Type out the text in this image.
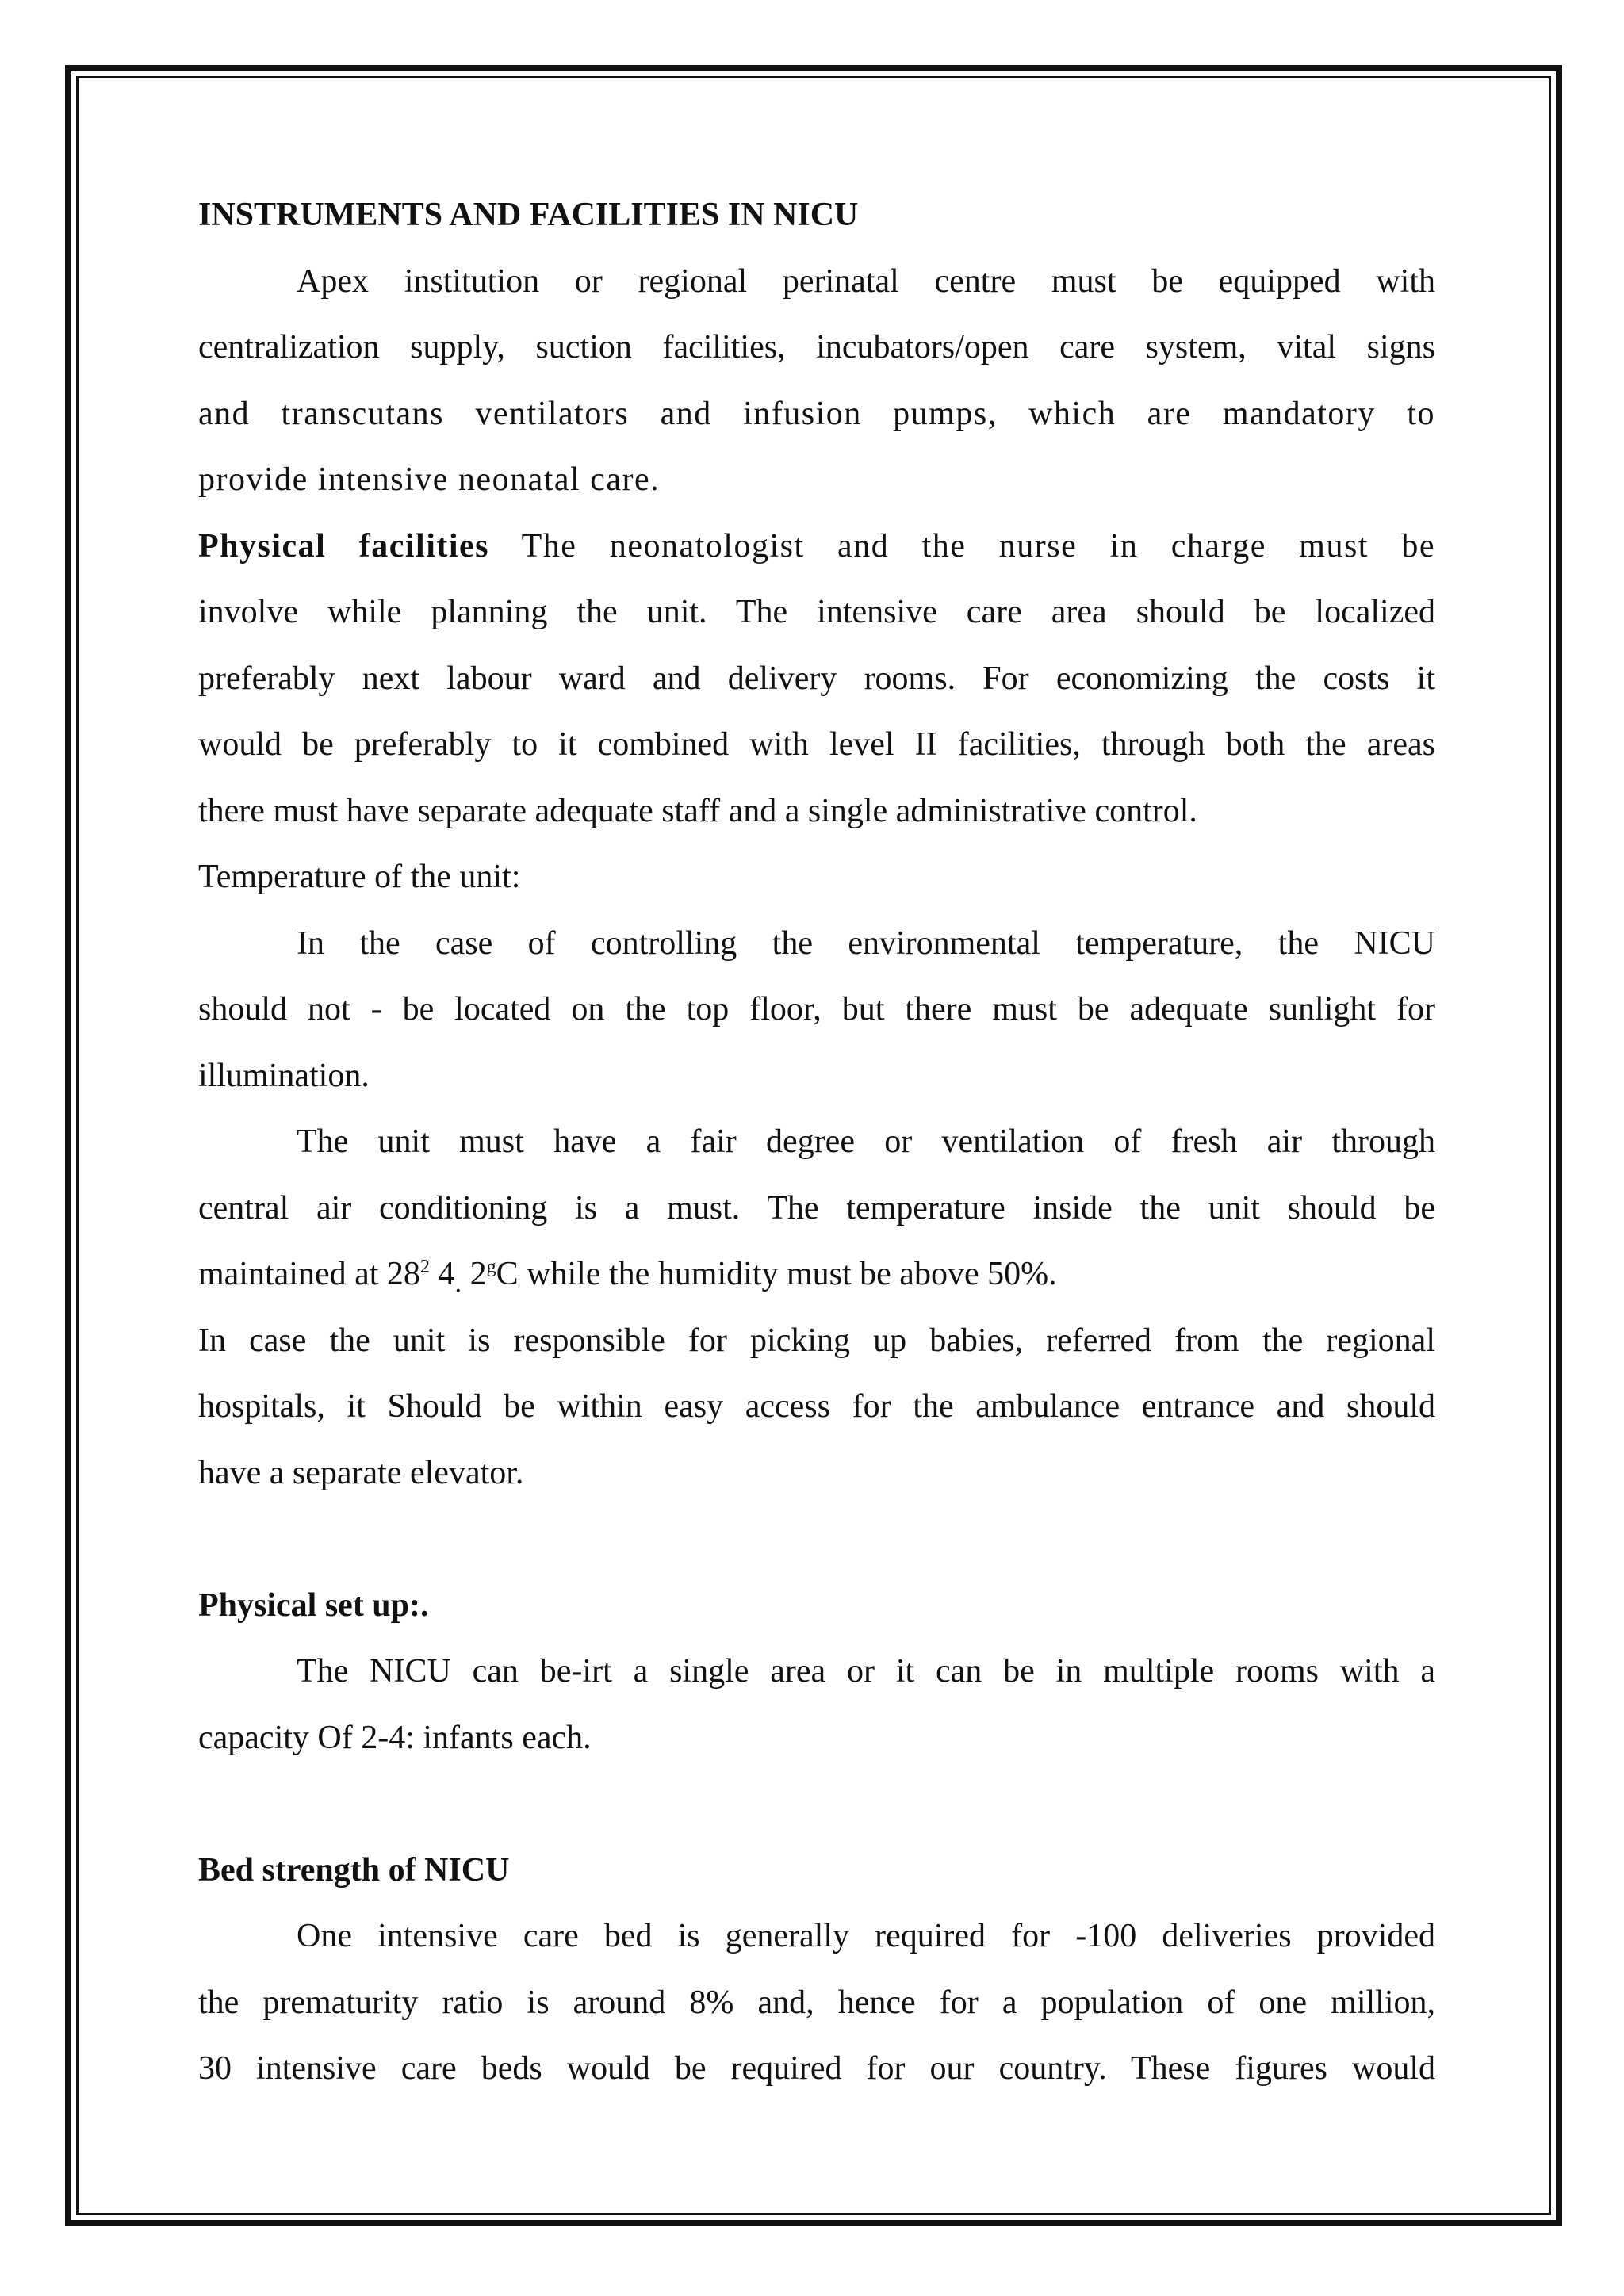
INSTRUMENTS AND FACILITIES IN NICU
Apex institution or regional perinatal centre must be equipped with
centralization supply, suction facilities, incubators/open care system, vital signs
and transcutans ventilators and infusion pumps, which are mandatory to
provide intensive neonatal care.
Physical facilities The neonatologist and the nurse in charge must be
involve while planning the unit. The intensive care area should be localized
preferably next labour ward and delivery rooms. For economizing the costs it
would be preferably to it combined with level II facilities, through both the areas
there must have separate adequate staff and a single administrative control.
Temperature of the unit:
In the case of controlling the environmental temperature, the NICU
should not - be located on the top floor, but there must be adequate sunlight for
illumination.
The unit must have a fair degree or ventilation of fresh air through
central air conditioning is a must. The temperature inside the unit should be
maintained at $28^2$ $4_.$ 2$^g$C while the humidity must be above 50%.
In case the unit is responsible for picking up babies, referred from the regional
hospitals, it Should be within easy access for the ambulance entrance and should
have a separate elevator.
Physical set up:.
The NICU can be-irt a single area or it can be in multiple rooms with a
capacity Of 2-4: infants each.
Bed strength of NICU
One intensive care bed is generally required for -100 deliveries provided
the prematurity ratio is around 8% and, hence for a population of one million,
30 intensive care beds would be required for our country. These figures would
